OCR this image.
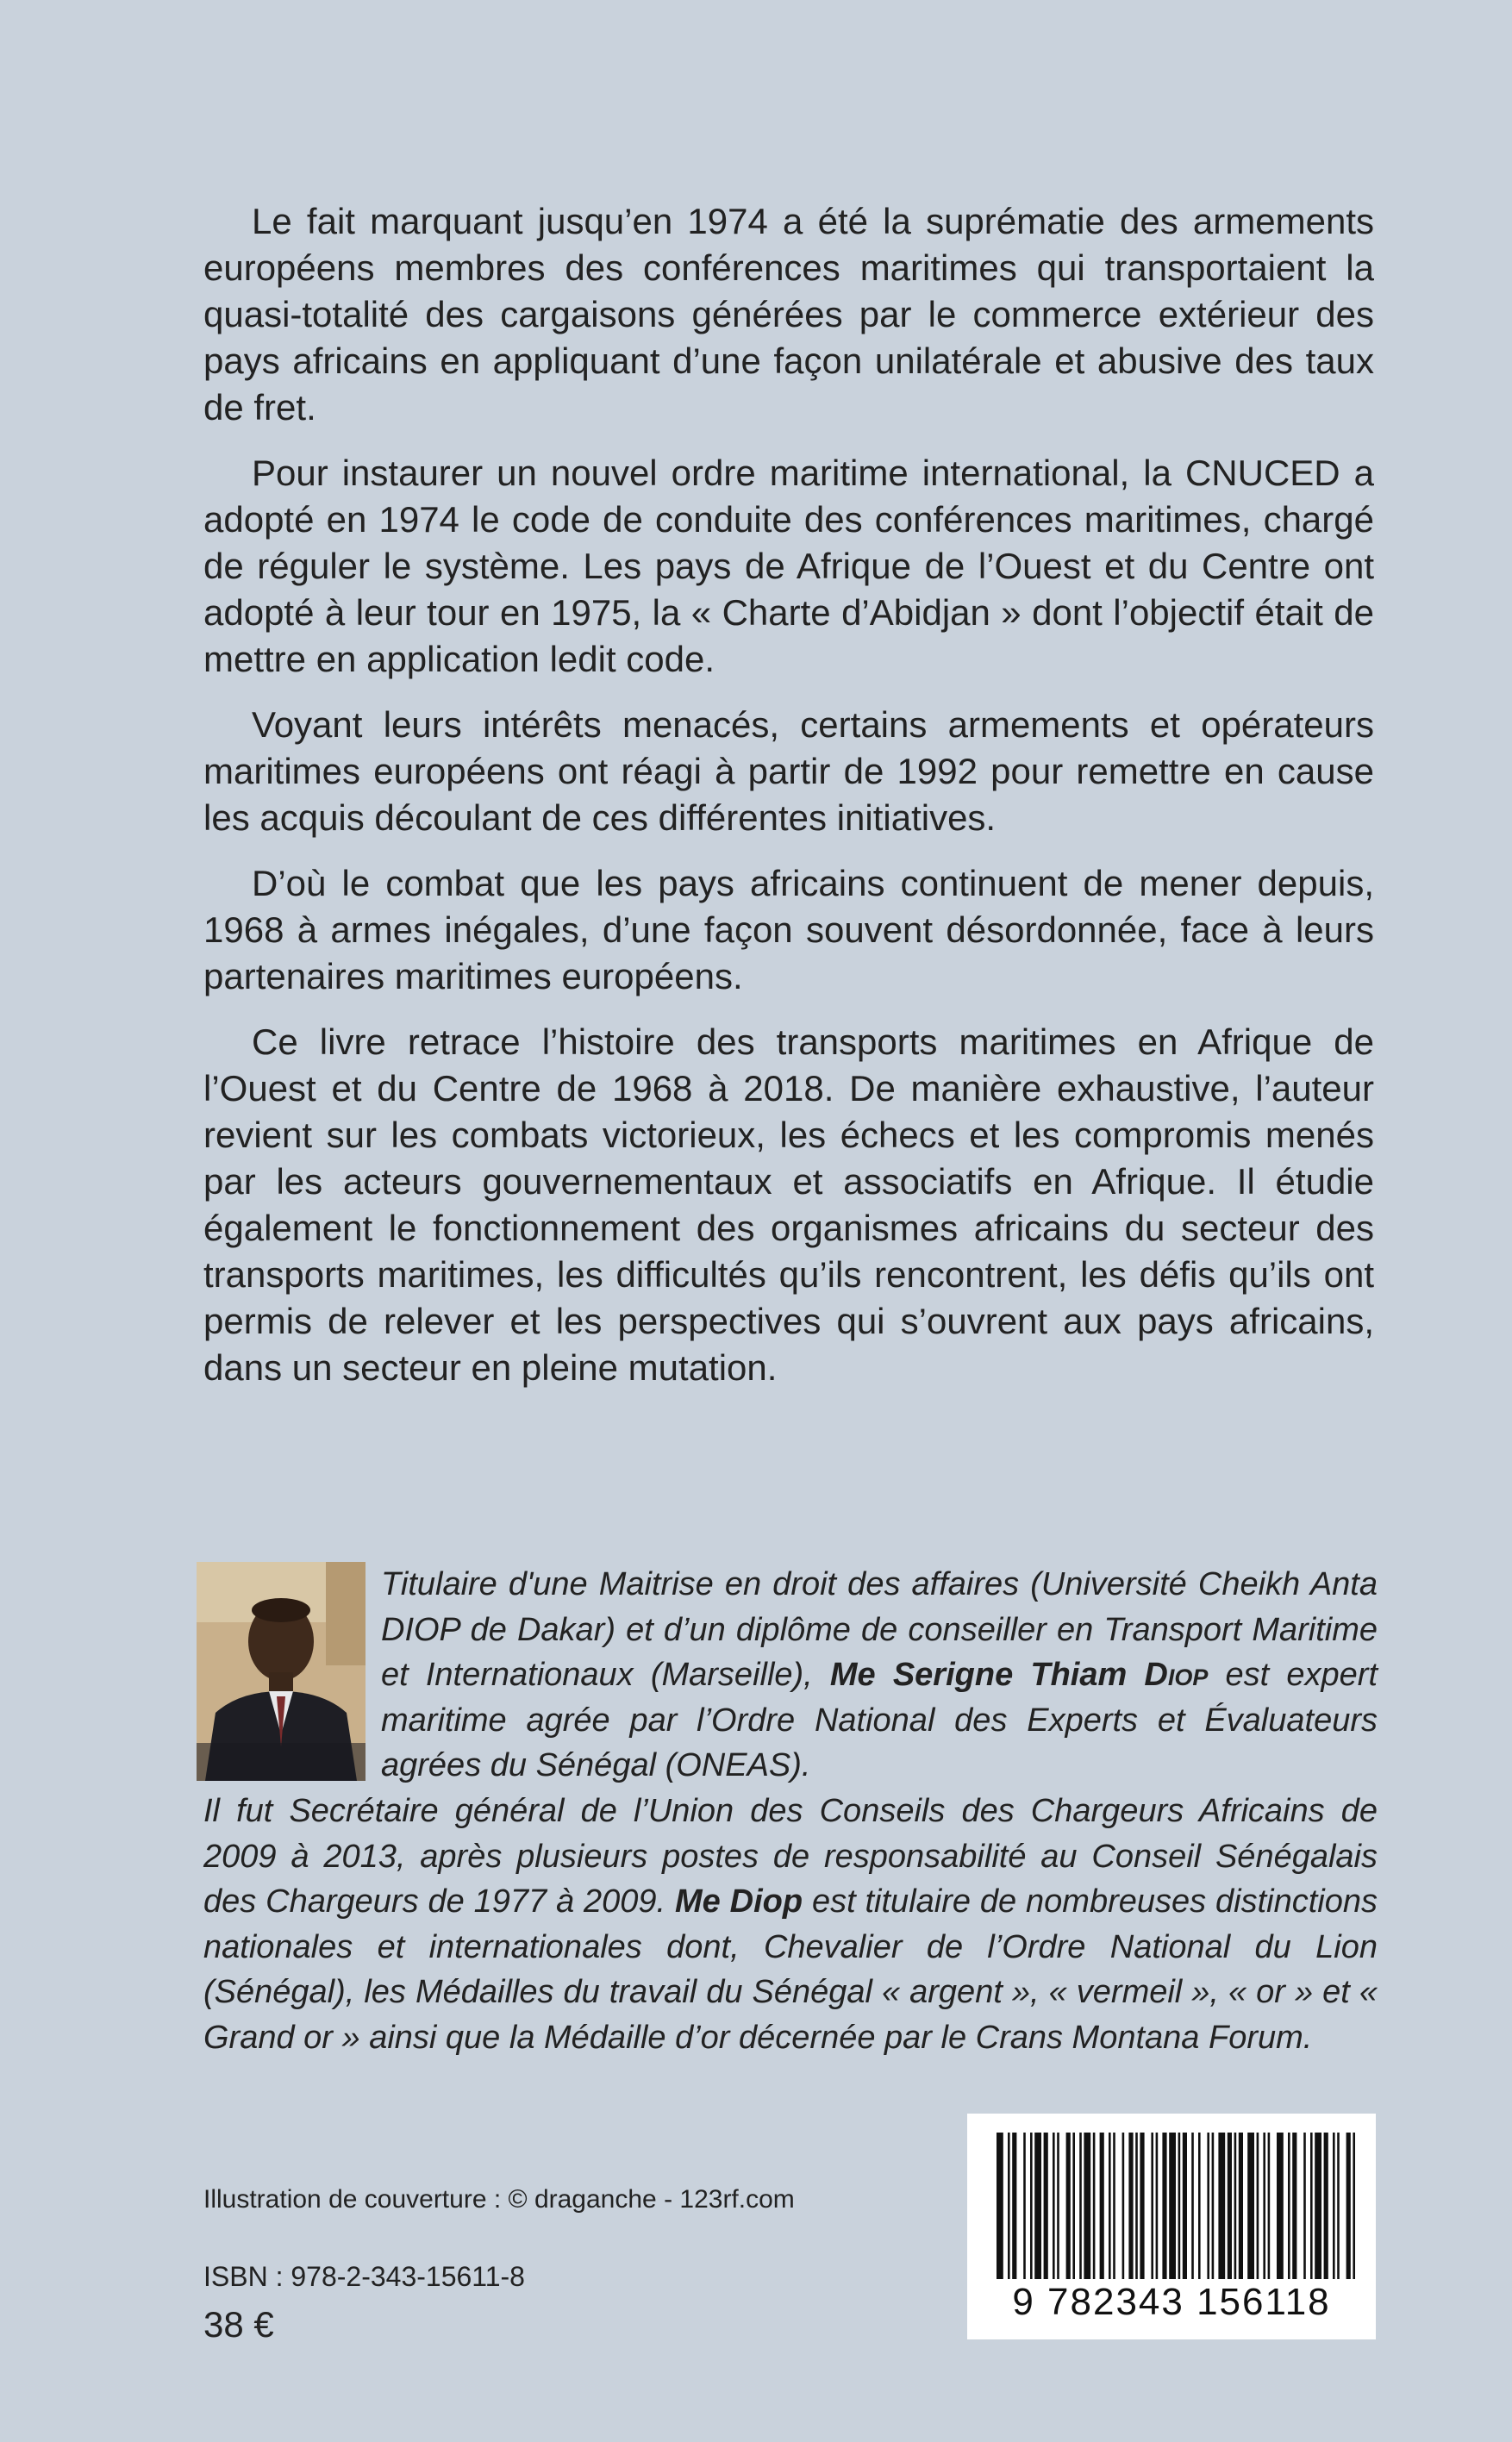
Le fait marquant jusqu’en 1974 a été la suprématie des armements européens membres des conférences maritimes qui transportaient la quasi-totalité des cargaisons générées par le commerce extérieur des pays africains en appliquant d’une façon unilatérale et abusive des taux de fret.

Pour instaurer un nouvel ordre maritime international, la CNUCED a adopté en 1974 le code de conduite des conférences maritimes, chargé de réguler le système. Les pays de Afrique de l’Ouest et du Centre ont adopté à leur tour en 1975, la « Charte d’Abidjan » dont l’objectif était de mettre en application ledit code.

Voyant leurs intérêts menacés, certains armements et opérateurs maritimes européens ont réagi à partir de 1992 pour remettre en cause les acquis découlant de ces différentes initiatives.

D’où le combat que les pays africains continuent de mener depuis, 1968 à armes inégales, d’une façon souvent désordonnée, face à leurs partenaires maritimes européens.

Ce livre retrace l’histoire des transports maritimes en Afrique de l’Ouest et du Centre de 1968 à 2018. De manière exhaustive, l’auteur revient sur les combats victorieux, les échecs et les compromis menés par les acteurs gouvernementaux et associatifs en Afrique. Il étudie également le fonctionnement des organismes africains du secteur des transports maritimes, les difficultés qu’ils rencontrent, les défis qu’ils ont permis de relever et les perspectives qui s’ouvrent aux pays africains, dans un secteur en pleine mutation.

Titulaire d'une Maitrise en droit des affaires (Université Cheikh Anta DIOP de Dakar) et d’un diplôme de conseiller en Transport Maritime et Internationaux (Marseille), Me Serigne Thiam Diop est expert maritime agrée par l’Ordre National des Experts et Évaluateurs agrées du Sénégal (ONEAS).

Il fut Secrétaire général de l’Union des Conseils des Chargeurs Africains de 2009 à 2013, après plusieurs postes de responsabilité au Conseil Sénégalais des Chargeurs de 1977 à 2009. Me Diop est titulaire de nombreuses distinctions nationales et internationales dont, Chevalier de l’Ordre National du Lion (Sénégal), les Médailles du travail du Sénégal « argent », « vermeil », « or » et « Grand or » ainsi que la Médaille d’or décernée par le Crans Montana Forum.

Illustration de couverture : © draganche - 123rf.com
ISBN : 978-2-343-15611-8
38 €
9 782343 156118
